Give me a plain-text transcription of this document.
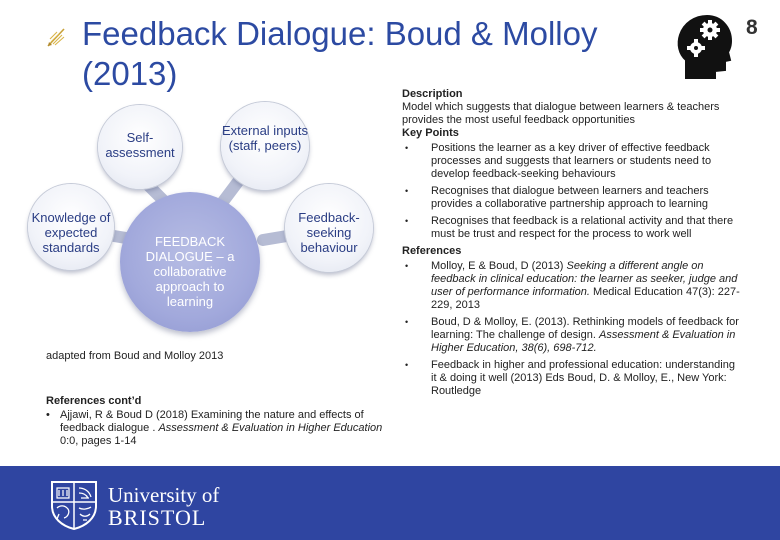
Feedback Dialogue: Boud & Molloy (2013)
8
Self-assessment
External inputs (staff, peers)
Knowledge of expected standards
Feedback-seeking behaviour
FEEDBACK DIALOGUE – a collaborative approach to learning
adapted from Boud and Molloy 2013
References cont’d
• Ajjawi, R & Boud D (2018) Examining the nature and effects of feedback dialogue . Assessment & Evaluation in Higher Education 0:0, pages 1-14

Description

Model which suggests that dialogue between learners & teachers provides the most useful feedback opportunities

Key Points

• Positions the learner as a key driver of effective feedback processes and suggests that learners or students need to develop feedback-seeking behaviours
• Recognises that dialogue between learners and teachers provides a collaborative partnership approach to learning
• Recognises that feedback is a relational activity and that there must be trust and respect for the process to work well

References

• Molloy, E & Boud, D (2013) Seeking a different angle on feedback in clinical education: the learner as seeker, judge and user of performance information. Medical Education 47(3): 227-229, 2013
• Boud, D & Molloy, E. (2013). Rethinking models of feedback for learning: The challenge of design. Assessment & Evaluation in Higher Education, 38(6), 698-712.
• Feedback in higher and professional education: understanding it & doing it well (2013) Eds Boud, D. & Molloy, E., New York: Routledge
University of
BRISTOL
